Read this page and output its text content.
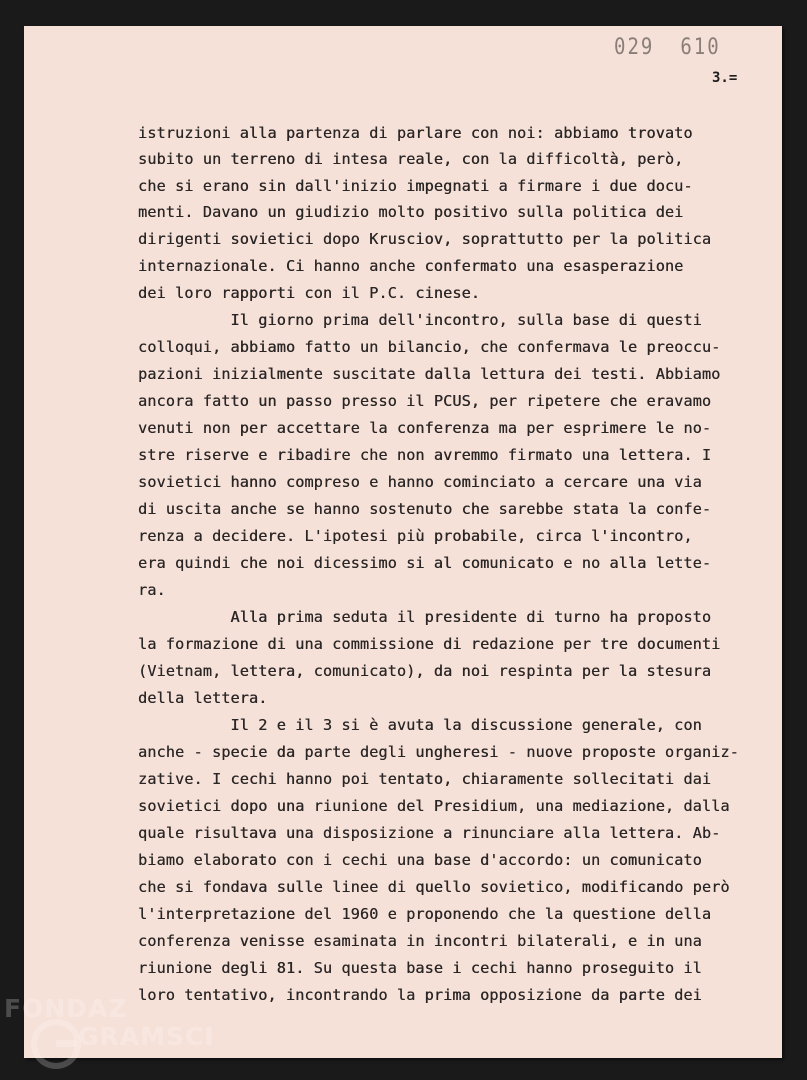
029 610
3.=
istruzioni alla partenza di parlare con noi: abbiamo trovato
subito un terreno di intesa reale, con la difficoltà, però,
che si erano sin dall'inizio impegnati a firmare i due docu-
menti. Davano un giudizio molto positivo sulla politica dei
dirigenti sovietici dopo Krusciov, soprattutto per la politica
internazionale. Ci hanno anche confermato una esasperazione
dei loro rapporti con il P.C. cinese.
Il giorno prima dell'incontro, sulla base di questi
colloqui, abbiamo fatto un bilancio, che confermava le preoccu-
pazioni inizialmente suscitate dalla lettura dei testi. Abbiamo
ancora fatto un passo presso il PCUS, per ripetere che eravamo
venuti non per accettare la conferenza ma per esprimere le no-
stre riserve e ribadire che non avremmo firmato una lettera. I
sovietici hanno compreso e hanno cominciato a cercare una via
di uscita anche se hanno sostenuto che sarebbe stata la confe-
renza a decidere. L'ipotesi più probabile, circa l'incontro,
era quindi che noi dicessimo si al comunicato e no alla lette-
ra.
Alla prima seduta il presidente di turno ha proposto
la formazione di una commissione di redazione per tre documenti
(Vietnam, lettera, comunicato), da noi respinta per la stesura
della lettera.
Il 2 e il 3 si è avuta la discussione generale, con
anche - specie da parte degli ungheresi - nuove proposte organiz-
zative. I cechi hanno poi tentato, chiaramente sollecitati dai
sovietici dopo una riunione del Presidium, una mediazione, dalla
quale risultava una disposizione a rinunciare alla lettera. Ab-
biamo elaborato con i cechi una base d'accordo: un comunicato
che si fondava sulle linee di quello sovietico, modificando però
l'interpretazione del 1960 e proponendo che la questione della
conferenza venisse esaminata in incontri bilaterali, e in una
riunione degli 81. Su questa base i cechi hanno proseguito il
loro tentativo, incontrando la prima opposizione da parte dei
FONDAZ
GRAMSCI
